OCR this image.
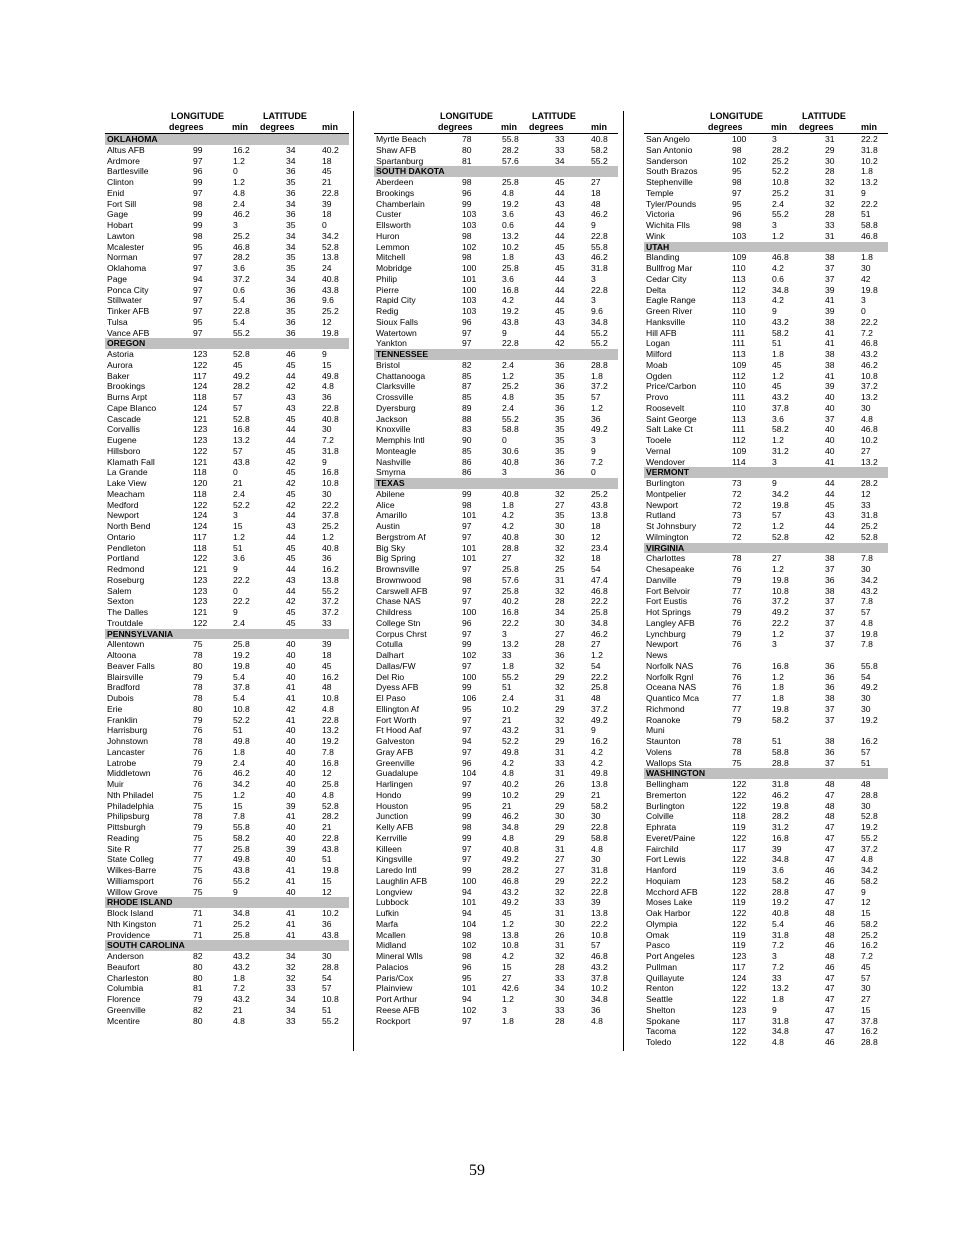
LONGITUDE	LATITUDE
degrees	min degrees	min
OKLAHOMA
Altus AFB	99	16.2	34	40.2
Ardmore	97	1.2	34	18
Bartlesville	96	0	36	45
Clinton	99	1.2	35	21
Enid	97	4.8	36	22.8
Fort Sill	98	2.4	34	39
Gage	99	46.2	36	18
Hobart	99	3	35	0
Lawton	98	25.2	34	34.2
Mcalester	95	46.8	34	52.8
Norman	97	28.2	35	13.8
Oklahoma	97	3.6	35	24
Page	94	37.2	34	40.8
Ponca City	97	0.6	36	43.8
Stillwater	97	5.4	36	9.6
Tinker AFB	97	22.8	35	25.2
Tulsa	95	5.4	36	12
Vance AFB	97	55.2	36	19.8
OREGON
Astoria	123	52.8	46	9
Aurora	122	45	45	15
Baker	117	49.2	44	49.8
Brookings	124	28.2	42	4.8
Burns Arpt	118	57	43	36
Cape Blanco	124	57	43	22.8
Cascade	121	52.8	45	40.8
Corvallis	123	16.8	44	30
Eugene	123	13.2	44	7.2
Hillsboro	122	57	45	31.8
Klamath Fall	121	43.8	42	9
La Grande	118	0	45	16.8
Lake View	120	21	42	10.8
Meacham	118	2.4	45	30
Medford	122	52.2	42	22.2
Newport	124	3	44	37.8
North Bend	124	15	43	25.2
Ontario	117	1.2	44	1.2
Pendleton	118	51	45	40.8
Portland	122	3.6	45	36
Redmond	121	9	44	16.2
Roseburg	123	22.2	43	13.8
Salem	123	0	44	55.2
Sexton	123	22.2	42	37.2
The Dalles	121	9	45	37.2
Troutdale	122	2.4	45	33
PENNSYLVANIA
Allentown	75	25.8	40	39
Altoona	78	19.2	40	18
Beaver Falls	80	19.8	40	45
Blairsville	79	5.4	40	16.2
Bradford	78	37.8	41	48
Dubois	78	5.4	41	10.8
Erie	80	10.8	42	4.8
Franklin	79	52.2	41	22.8
Harrisburg	76	51	40	13.2
Johnstown	78	49.8	40	19.2
Lancaster	76	1.8	40	7.8
Latrobe	79	2.4	40	16.8
Middletown	76	46.2	40	12
Muir	76	34.2	40	25.8
Nth Philadel	75	1.2	40	4.8
Philadelphia	75	15	39	52.8
Philipsburg	78	7.8	41	28.2
Pittsburgh	79	55.8	40	21
Reading	75	58.2	40	22.8
Site R	77	25.8	39	43.8
State Colleg	77	49.8	40	51
Wilkes-Barre	75	43.8	41	19.8
Williamsport	76	55.2	41	15
Willow Grove	75	9	40	12
RHODE ISLAND
Block Island	71	34.8	41	10.2
Nth Kingston	71	25.2	41	36
Providence	71	25.8	41	43.8
SOUTH CAROLINA
Anderson	82	43.2	34	30
Beaufort	80	43.2	32	28.8
Charleston	80	1.8	32	54
Columbia	81	7.2	33	57
Florence	79	43.2	34	10.8
Greenville	82	21	34	51
Mcentire	80	4.8	33	55.2
LONGITUDE	LATITUDE
degrees	min degrees	min
Myrtle Beach	78	55.8	33	40.8
Shaw AFB	80	28.2	33	58.2
Spartanburg	81	57.6	34	55.2
SOUTH DAKOTA
Aberdeen	98	25.8	45	27
Brookings	96	4.8	44	18
Chamberlain	99	19.2	43	48
Custer	103	3.6	43	46.2
Ellsworth	103	0.6	44	9
Huron	98	13.2	44	22.8
Lemmon	102	10.2	45	55.8
Mitchell	98	1.8	43	46.2
Mobridge	100	25.8	45	31.8
Philip	101	3.6	44	3
Pierre	100	16.8	44	22.8
Rapid City	103	4.2	44	3
Redig	103	19.2	45	9.6
Sioux Falls	96	43.8	43	34.8
Watertown	97	9	44	55.2
Yankton	97	22.8	42	55.2
TENNESSEE
Bristol	82	2.4	36	28.8
Chattanooga	85	1.2	35	1.8
Clarksville	87	25.2	36	37.2
Crossville	85	4.8	35	57
Dyersburg	89	2.4	36	1.2
Jackson	88	55.2	35	36
Knoxville	83	58.8	35	49.2
Memphis Intl	90	0	35	3
Monteagle	85	30.6	35	9
Nashville	86	40.8	36	7.2
Smyrna	86	3	36	0
TEXAS
Abilene	99	40.8	32	25.2
Alice	98	1.8	27	43.8
Amarillo	101	4.2	35	13.8
Austin	97	4.2	30	18
Bergstrom Af	97	40.8	30	12
Big Sky	101	28.8	32	23.4
Big Spring	101	27	32	18
Brownsville	97	25.8	25	54
Brownwood	98	57.6	31	47.4
Carswell AFB	97	25.8	32	46.8
Chase NAS	97	40.2	28	22.2
Childress	100	16.8	34	25.8
College Stn	96	22.2	30	34.8
Corpus Chrst	97	3	27	46.2
Cotulla	99	13.2	28	27
Dalhart	102	33	36	1.2
Dallas/FW	97	1.8	32	54
Del Rio	100	55.2	29	22.2
Dyess AFB	99	51	32	25.8
El Paso	106	2.4	31	48
Ellington Af	95	10.2	29	37.2
Fort Worth	97	21	32	49.2
Ft Hood Aaf	97	43.2	31	9
Galveston	94	52.2	29	16.2
Gray AFB	97	49.8	31	4.2
Greenville	96	4.2	33	4.2
Guadalupe	104	4.8	31	49.8
Harlingen	97	40.2	26	13.8
Hondo	99	10.2	29	21
Houston	95	21	29	58.2
Junction	99	46.2	30	30
Kelly AFB	98	34.8	29	22.8
Kerrville	99	4.8	29	58.8
Killeen	97	40.8	31	4.8
Kingsville	97	49.2	27	30
Laredo Intl	99	28.2	27	31.8
Laughlin AFB	100	46.8	29	22.2
Longview	94	43.2	32	22.8
Lubbock	101	49.2	33	39
Lufkin	94	45	31	13.8
Marfa	104	1.2	30	22.2
Mcallen	98	13.8	26	10.8
Midland	102	10.8	31	57
Mineral Wlls	98	4.2	32	46.8
Palacios	96	15	28	43.2
Paris/Cox	95	27	33	37.8
Plainview	101	42.6	34	10.2
Port Arthur	94	1.2	30	34.8
Reese AFB	102	3	33	36
Rockport	97	1.8	28	4.8
LONGITUDE	LATITUDE
degrees	min degrees	min
San Angelo	100	3	31	22.2
San Antonio	98	28.2	29	31.8
Sanderson	102	25.2	30	10.2
South Brazos	95	52.2	28	1.8
Stephenville	98	10.8	32	13.2
Temple	97	25.2	31	9
Tyler/Pounds	95	2.4	32	22.2
Victoria	96	55.2	28	51
Wichita Flls	98	3	33	58.8
Wink	103	1.2	31	46.8
UTAH
Blanding	109	46.8	38	1.8
Bullfrog Mar	110	4.2	37	30
Cedar City	113	0.6	37	42
Delta	112	34.8	39	19.8
Eagle Range	113	4.2	41	3
Green River	110	9	39	0
Hanksville	110	43.2	38	22.2
Hill AFB	111	58.2	41	7.2
Logan	111	51	41	46.8
Milford	113	1.8	38	43.2
Moab	109	45	38	46.2
Ogden	112	1.2	41	10.8
Price/Carbon	110	45	39	37.2
Provo	111	43.2	40	13.2
Roosevelt	110	37.8	40	30
Saint George	113	3.6	37	4.8
Salt Lake Ct	111	58.2	40	46.8
Tooele	112	1.2	40	10.2
Vernal	109	31.2	40	27
Wendover	114	3	41	13.2
VERMONT
Burlington	73	9	44	28.2
Montpelier	72	34.2	44	12
Newport	72	19.8	45	33
Rutland	73	57	43	31.8
St Johnsbury	72	1.2	44	25.2
Wilmington	72	52.8	42	52.8
VIRGINIA
Charlottes	78	27	38	7.8
Chesapeake	76	1.2	37	30
Danville	79	19.8	36	34.2
Fort Belvoir	77	10.8	38	43.2
Fort Eustis	76	37.2	37	7.8
Hot Springs	79	49.2	37	57
Langley AFB	76	22.2	37	4.8
Lynchburg	79	1.2	37	19.8
Newport	76	3	37	7.8
News
Norfolk NAS	76	16.8	36	55.8
Norfolk Rgnl	76	1.2	36	54
Oceana NAS	76	1.8	36	49.2
Quantico Mca	77	1.8	38	30
Richmond	77	19.8	37	30
Roanoke	79	58.2	37	19.2
Muni
Staunton	78	51	38	16.2
Volens	78	58.8	36	57
Wallops Sta	75	28.8	37	51
WASHINGTON
Bellingham	122	31.8	48	48
Bremerton	122	46.2	47	28.8
Burlington	122	19.8	48	30
Colville	118	28.2	48	52.8
Ephrata	119	31.2	47	19.2
Everet/Paine	122	16.8	47	55.2
Fairchild	117	39	47	37.2
Fort Lewis	122	34.8	47	4.8
Hanford	119	3.6	46	34.2
Hoquiam	123	58.2	46	58.2
Mcchord AFB	122	28.8	47	9
Moses Lake	119	19.2	47	12
Oak Harbor	122	40.8	48	15
Olympia	122	5.4	46	58.2
Omak	119	31.8	48	25.2
Pasco	119	7.2	46	16.2
Port Angeles	123	3	48	7.2
Pullman	117	7.2	46	45
Quillayute	124	33	47	57
Renton	122	13.2	47	30
Seattle	122	1.8	47	27
Shelton	123	9	47	15
Spokane	117	31.8	47	37.8
Tacoma	122	34.8	47	16.2
Toledo	122	4.8	46	28.8
59
